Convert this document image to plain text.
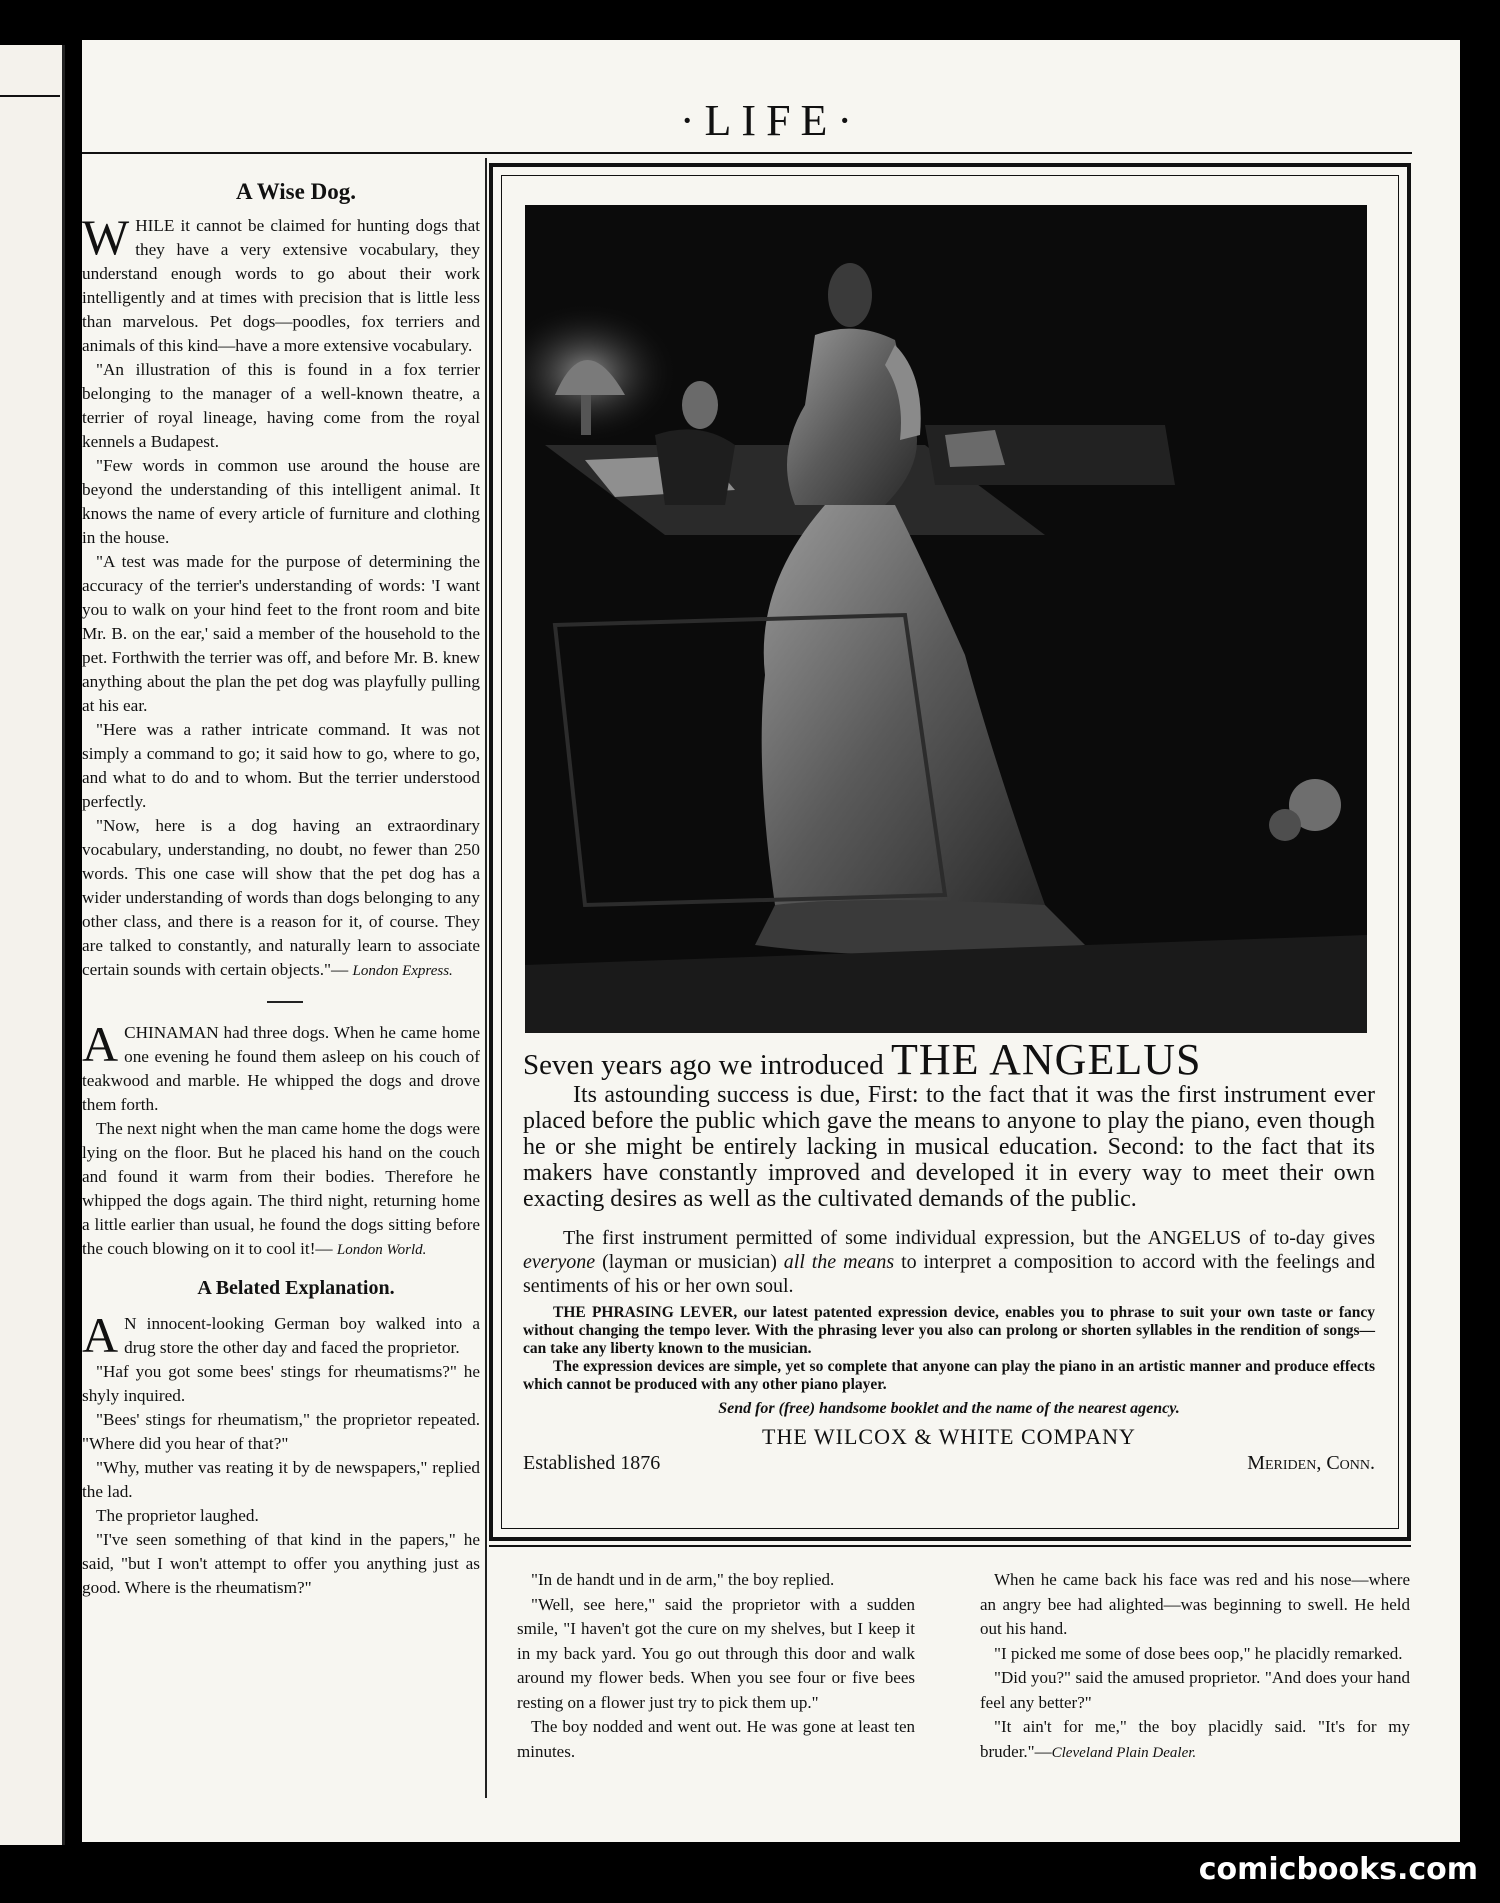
·LIFE·
A Wise Dog.

WHILE it cannot be claimed for hunting dogs that they have a very extensive vocabulary, they understand enough words to go about their work intelligently and at times with precision that is little less than marvelous. Pet dogs—poodles, fox terriers and animals of this kind—have a more extensive vocabulary.

"An illustration of this is found in a fox terrier belonging to the manager of a well-known theatre, a terrier of royal lineage, having come from the royal kennels a Budapest.

"Few words in common use around the house are beyond the understanding of this intelligent animal. It knows the name of every article of furniture and clothing in the house.

"A test was made for the purpose of determining the accuracy of the terrier's understanding of words: 'I want you to walk on your hind feet to the front room and bite Mr. B. on the ear,' said a member of the household to the pet. Forthwith the terrier was off, and before Mr. B. knew anything about the plan the pet dog was playfully pulling at his ear.

"Here was a rather intricate command. It was not simply a command to go; it said how to go, where to go, and what to do and to whom. But the terrier understood perfectly.

"Now, here is a dog having an extraordinary vocabulary, understanding, no doubt, no fewer than 250 words. This one case will show that the pet dog has a wider understanding of words than dogs belonging to any other class, and there is a reason for it, of course. They are talked to constantly, and naturally learn to associate certain sounds with certain objects."— London Express.

ACHINAMAN had three dogs. When he came home one evening he found them asleep on his couch of teakwood and marble. He whipped the dogs and drove them forth.

The next night when the man came home the dogs were lying on the floor. But he placed his hand on the couch and found it warm from their bodies. Therefore he whipped the dogs again. The third night, returning home a little earlier than usual, he found the dogs sitting before the couch blowing on it to cool it!— London World.

A Belated Explanation.

A N innocent-looking German boy walked into a drug store the other day and faced the proprietor.

"Haf you got some bees' stings for rheumatisms?" he shyly inquired.

"Bees' stings for rheumatism," the proprietor repeated. "Where did you hear of that?"

"Why, muther vas reating it by de newspapers," replied the lad.

The proprietor laughed.

"I've seen something of that kind in the papers," he said, "but I won't attempt to offer you anything just as good. Where is the rheumatism?"

Seven years ago we introduced THE ANGELUS

Its astounding success is due, First: to the fact that it was the first instrument ever placed before the public which gave the means to anyone to play the piano, even though he or she might be entirely lacking in musical education. Second: to the fact that its makers have constantly improved and developed it in every way to meet their own exacting desires as well as the cultivated demands of the public.

The first instrument permitted of some individual expression, but the ANGELUS of to-day gives everyone (layman or musician) all the means to interpret a composition to accord with the feelings and sentiments of his or her own soul.

THE PHRASING LEVER, our latest patented expression device, enables you to phrase to suit your own taste or fancy without changing the tempo lever. With the phrasing lever you also can prolong or shorten syllables in the rendition of songs—can take any liberty known to the musician.

The expression devices are simple, yet so complete that anyone can play the piano in an artistic manner and produce effects which cannot be produced with any other piano player.

Send for (free) handsome booklet and the name of the nearest agency.
THE WILCOX & WHITE COMPANY
Established 1876	Meriden, Conn.

"In de handt und in de arm," the boy replied.

"Well, see here," said the proprietor with a sudden smile, "I haven't got the cure on my shelves, but I keep it in my back yard. You go out through this door and walk around my flower beds. When you see four or five bees resting on a flower just try to pick them up."

The boy nodded and went out. He was gone at least ten minutes.

When he came back his face was red and his nose—where an angry bee had alighted—was beginning to swell. He held out his hand.

"I picked me some of dose bees oop," he placidly remarked.

"Did you?" said the amused proprietor. "And does your hand feel any better?"

"It ain't for me," the boy placidly said. "It's for my bruder."—Cleveland Plain Dealer.

comicbooks.com
